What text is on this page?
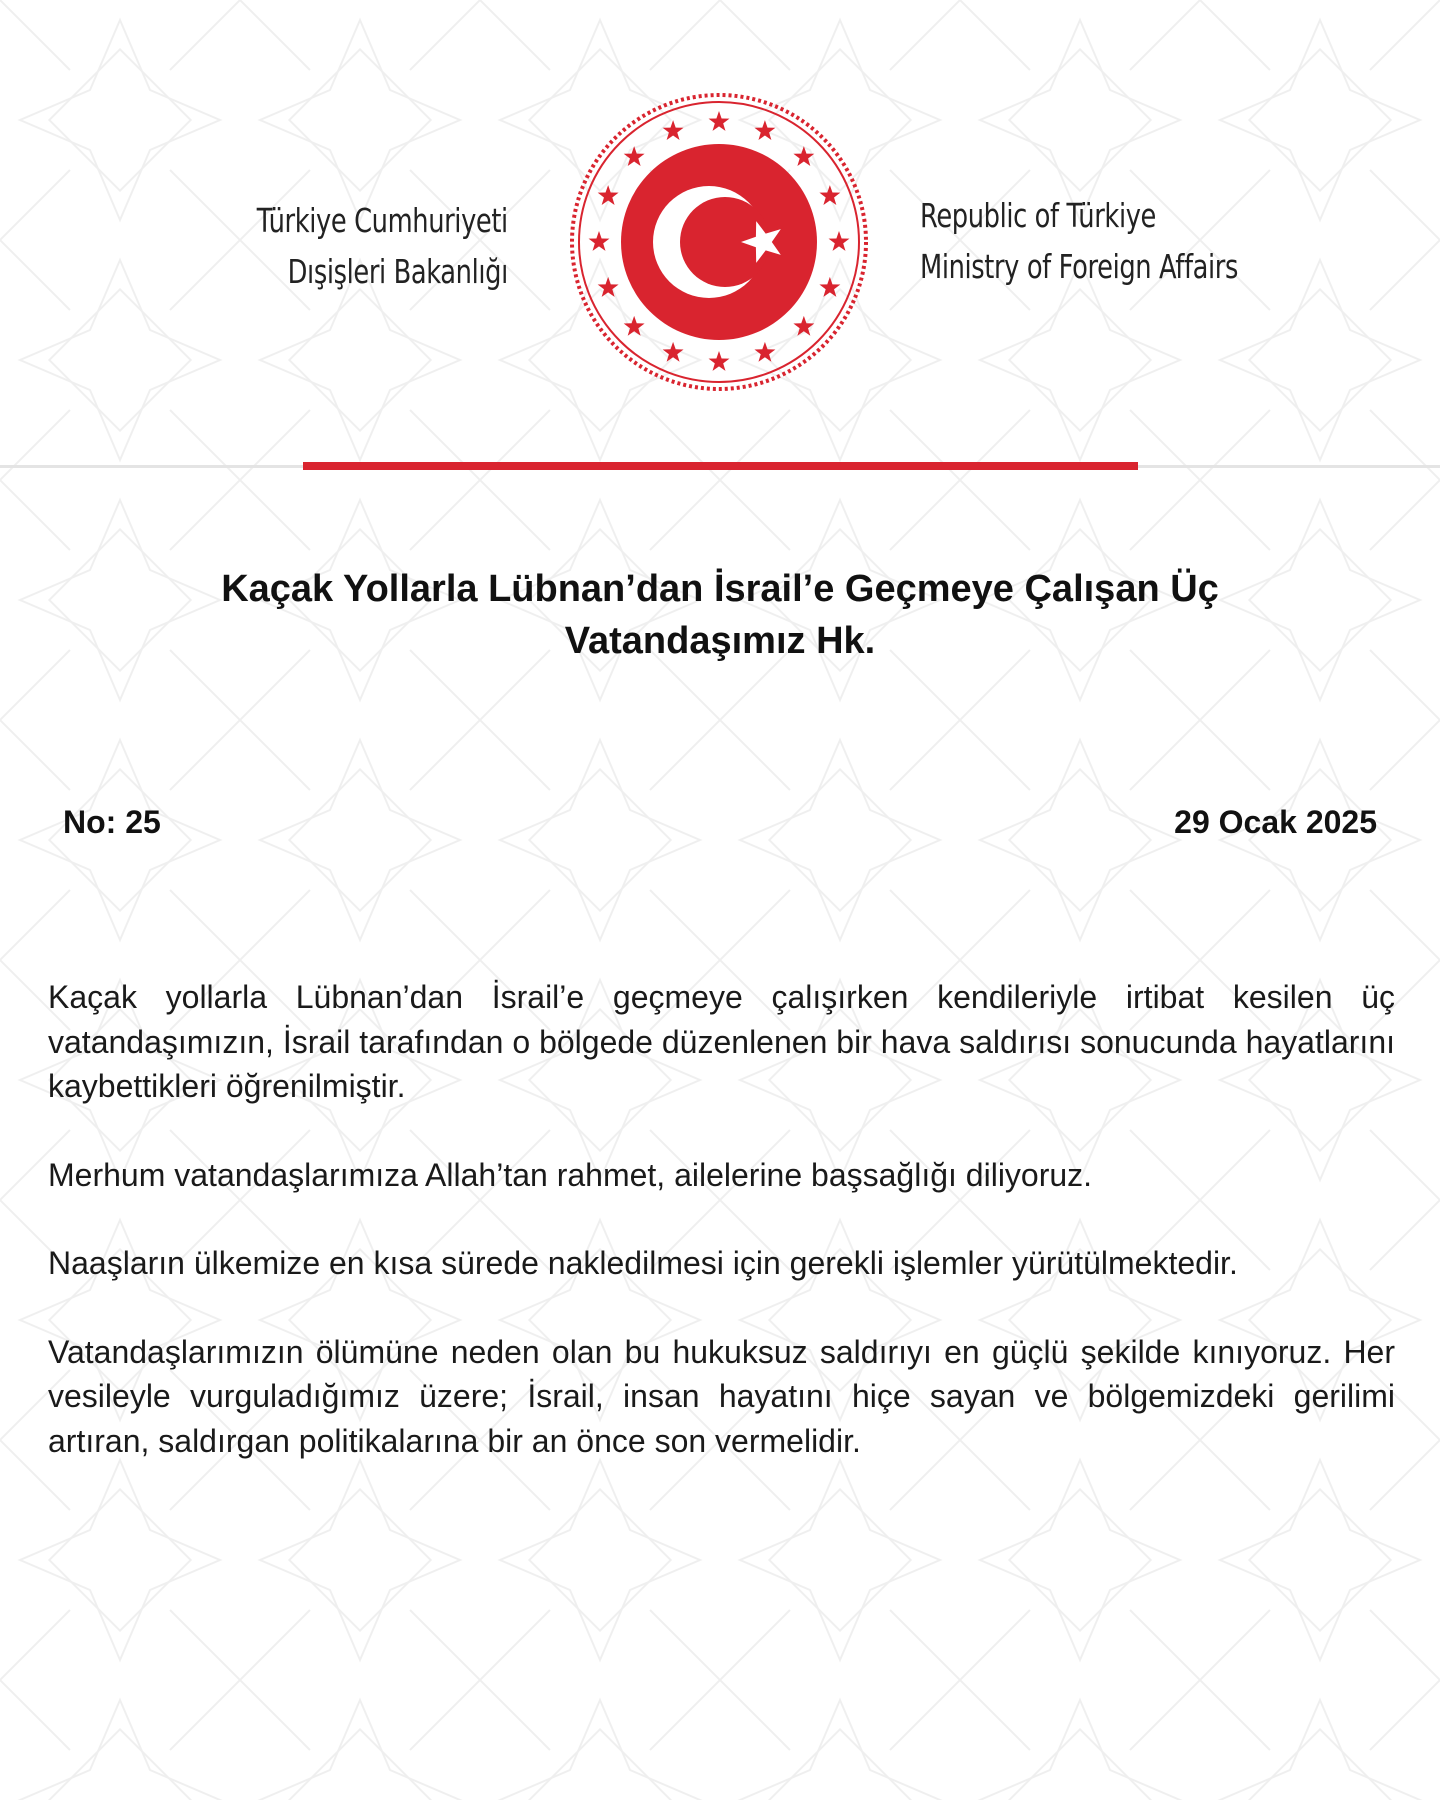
Türkiye Cumhuriyeti
Dışişleri Bakanlığı
Republic of Türkiye
Ministry of Foreign Affairs
Kaçak Yollarla Lübnan’dan İsrail’e Geçmeye Çalışan Üç
Vatandaşımız Hk.
No: 25	29 Ocak 2025

Kaçak yollarla Lübnan’dan İsrail’e geçmeye çalışırken kendileriyle irtibat kesilen üç vatandaşımızın, İsrail tarafından o bölgede düzenlenen bir hava saldırısı sonucunda hayatlarını kaybettikleri öğrenilmiştir.

Merhum vatandaşlarımıza Allah’tan rahmet, ailelerine başsağlığı diliyoruz.

Naaşların ülkemize en kısa sürede nakledilmesi için gerekli işlemler yürütülmektedir.

Vatandaşlarımızın ölümüne neden olan bu hukuksuz saldırıyı en güçlü şekilde kınıyoruz. Her vesileyle vurguladığımız üzere; İsrail, insan hayatını hiçe sayan ve bölgemizdeki gerilimi artıran, saldırgan politikalarına bir an önce son vermelidir.
